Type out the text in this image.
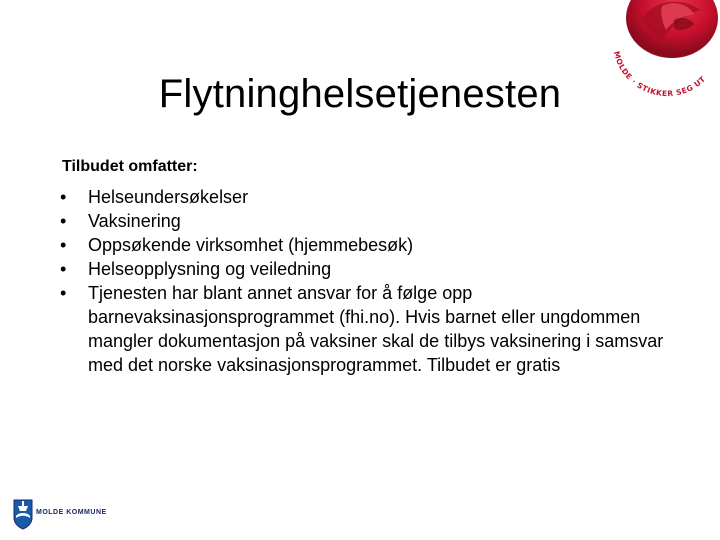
MOLDE · STIKKER SEG UT
Flytninghelsetjenesten
Tilbudet omfatter:
•	Helseundersøkelser
•	Vaksinering
•	Oppsøkende virksomhet (hjemmebesøk)
•	Helseopplysning og veiledning
•	Tjenesten har blant annet ansvar for å følge opp barnevaksinasjonsprogrammet (fhi.no). Hvis barnet eller ungdommen mangler dokumentasjon på vaksiner skal de tilbys vaksinering i samsvar med det norske vaksinasjonsprogrammet. Tilbudet er gratis
MOLDE KOMMUNE
